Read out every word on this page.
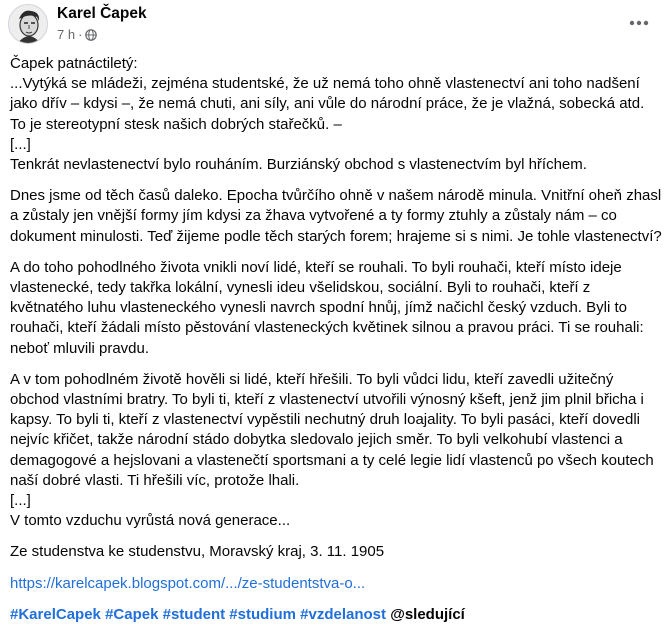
Karel Čapek
7 h ·

Čapek patnáctiletý:
...Vytýká se mládeži, zejména studentské, že už nemá toho ohně vlastenectví ani toho nadšení jako dřív – kdysi –, že nemá chuti, ani síly, ani vůle do národní práce, že je vlažná, sobecká atd. To je stereotypní stesk našich dobrých stařečků. –
[...]
Tenkrát nevlastenectví bylo rouháním. Burziánský obchod s vlastenectvím byl hříchem.

Dnes jsme od těch časů daleko. Epocha tvůrčího ohně v našem národě minula. Vnitřní oheň zhasl a zůstaly jen vnější formy jím kdysi za žhava vytvořené a ty formy ztuhly a zůstaly nám – co dokument minulosti. Teď žijeme podle těch starých forem; hrajeme si s nimi. Je tohle vlastenectví?

A do toho pohodlného života vnikli noví lidé, kteří se rouhali. To byli rouhači, kteří místo ideje vlastenecké, tedy takřka lokální, vynesli ideu všelidskou, sociální. Byli to rouhači, kteří z květnatého luhu vlasteneckého vynesli navrch spodní hnůj, jímž načichl český vzduch. Byli to rouhači, kteří žádali místo pěstování vlasteneckých květinek silnou a pravou práci. Ti se rouhali: neboť mluvili pravdu.

A v tom pohodlném životě hověli si lidé, kteří hřešili. To byli vůdci lidu, kteří zavedli užitečný obchod vlastními bratry. To byli ti, kteří z vlastenectví utvořili výnosný kšeft, jenž jim plnil břicha i kapsy. To byli ti, kteří z vlastenectví vypěstili nechutný druh loajality. To byli pasáci, kteří dovedli nejvíc křičet, takže národní stádo dobytka sledovalo jejich směr. To byli velkohubí vlastenci a demagogové a hejslovani a vlastenečtí sportsmani a ty celé legie lidí vlastenců po všech koutech naší dobré vlasti. Ti hřešili víc, protože lhali.
[...]
V tomto vzduchu vyrůstá nová generace...

Ze studenstva ke studenstvu, Moravský kraj, 3. 11. 1905

https://karelcapek.blogspot.com/.../ze-studentstva-o...

#KarelCapek #Capek #student #studium #vzdelanost @sledující
